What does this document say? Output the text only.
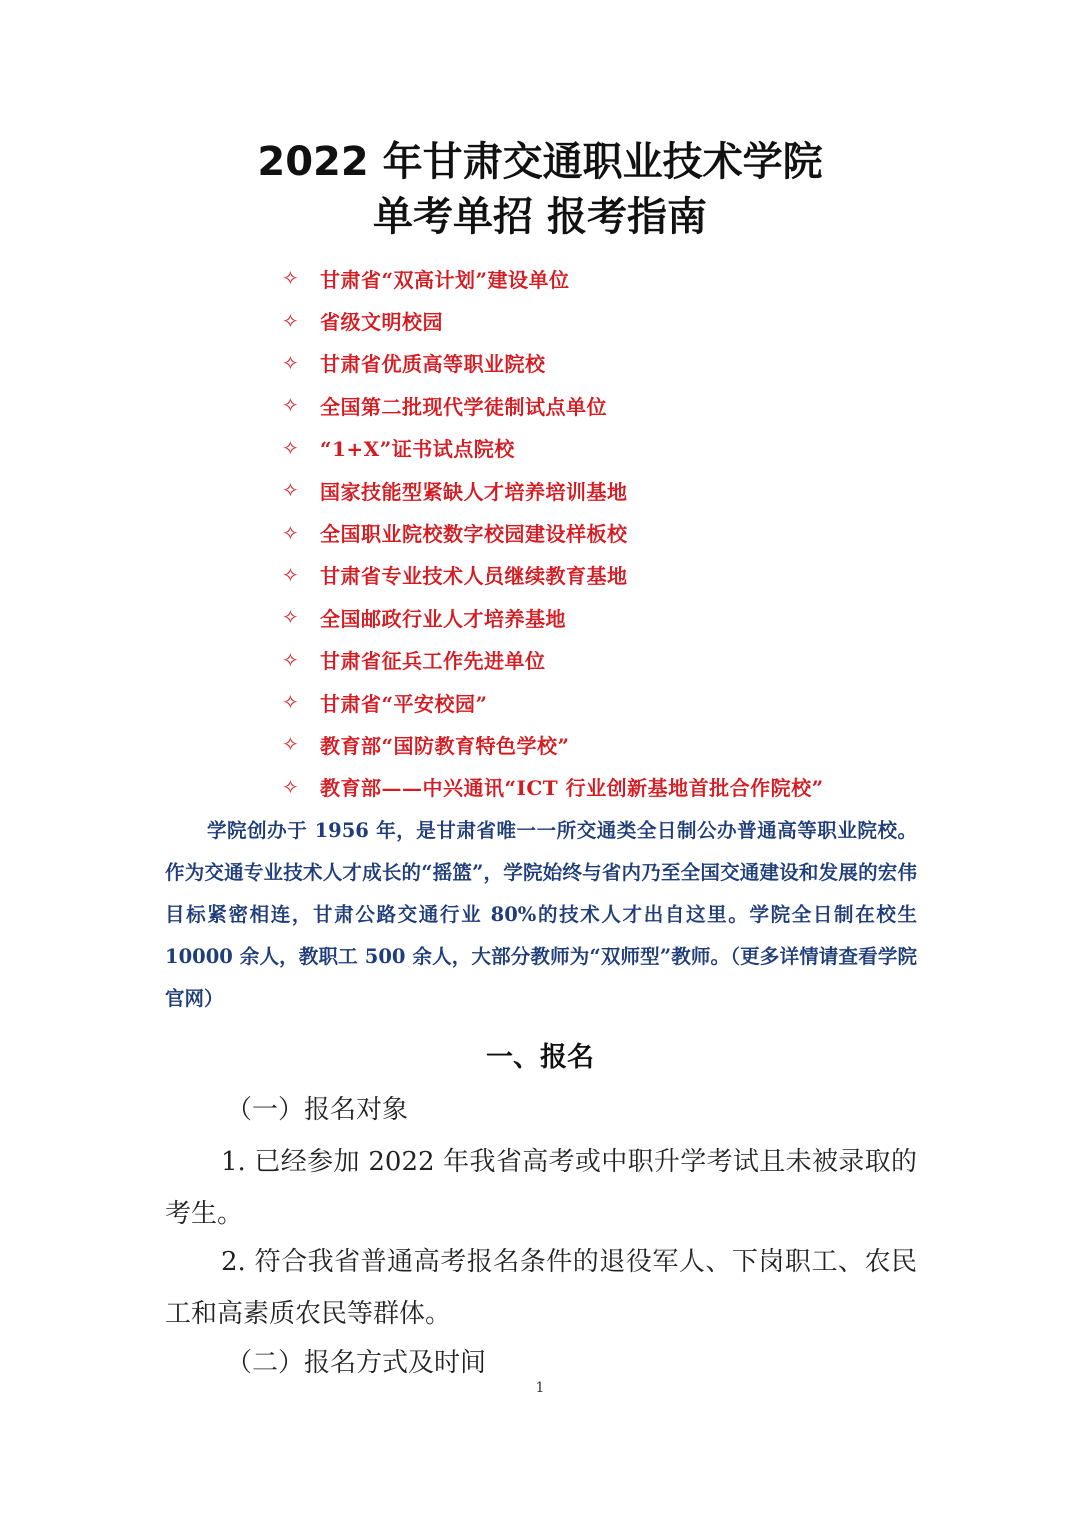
2022 年甘肃交通职业技术学院
单考单招 报考指南
✧	甘肃省“双高计划”建设单位
✧	省级文明校园
✧	甘肃省优质高等职业院校
✧	全国第二批现代学徒制试点单位
✧	“1+X”证书试点院校
✧	国家技能型紧缺人才培养培训基地
✧	全国职业院校数字校园建设样板校
✧	甘肃省专业技术人员继续教育基地
✧	全国邮政行业人才培养基地
✧	甘肃省征兵工作先进单位
✧	甘肃省“平安校园”
✧	教育部“国防教育特色学校”
✧	教育部——中兴通讯“ICT 行业创新基地首批合作院校”

学院创办于 1956 年，是甘肃省唯一一所交通类全日制公办普通高等职业院校。作为交通专业技术人才成长的“摇篮”，学院始终与省内乃至全国交通建设和发展的宏伟目标紧密相连，甘肃公路交通行业 80%的技术人才出自这里。学院全日制在校生 10000 余人，教职工 500 余人，大部分教师为“双师型”教师。（更多详情请查看学院官网）

一、报名

（一）报名对象

1. 已经参加 2022 年我省高考或中职升学考试且未被录取的考生。

2. 符合我省普通高考报名条件的退役军人、下岗职工、农民工和高素质农民等群体。

（二）报名方式及时间

1
